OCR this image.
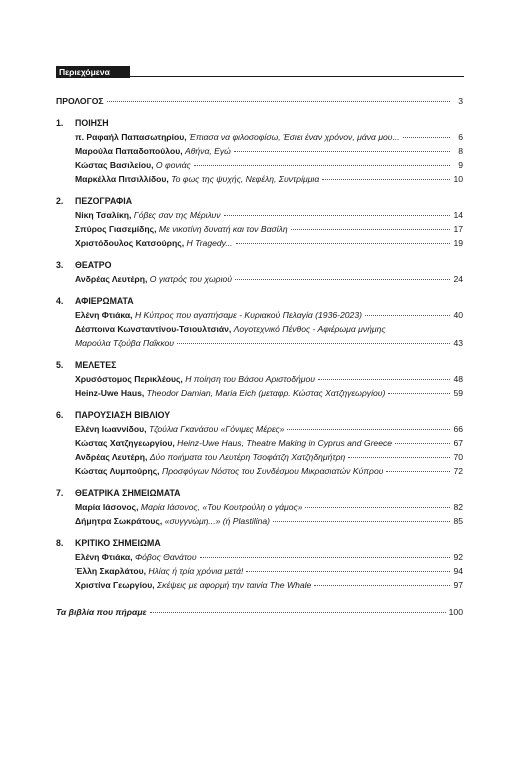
Περιεχόμενα
ΠΡΟΛΟΓΟΣ	3
1.	ΠΟΙΗΣΗ
π. Ραφαήλ Παπασωτηρίου, Έπιασα να φιλοσοφίσω, Έσιει έναν χρόνον, μάνα μου...	6
Μαρούλα Παπαδοπούλου, Αθήνα, Εγώ	8
Κώστας Βασιλείου, Ο φονιάς	9
Μαρκέλλα Πιτσιλλίδου, Το φως της ψυχής, Νεφέλη, Συντρίμμια	10
2.	ΠΕΖΟΓΡΑΦΙΑ
Νίκη Τσαλίκη, Γόβες σαν της Μέριλυν	14
Σπύρος Γιασεμίδης, Με νικοτίνη δυνατή και τον Βασίλη	17
Χριστόδουλος Κατσούρης, Η Tragedy...	19
3.	ΘΕΑΤΡΟ
Ανδρέας Λευτέρη, Ο γιατρός του χωριού	24
4.	ΑΦΙΕΡΩΜΑΤΑ
Ελένη Φτιάκα, Η Κύπρος που αγαπήσαμε - Κυριακού Πελαγία (1936-2023)	40
Δέσποινα Κωνσταντίνου-Τσιουλτσιάν, Λογοτεχνικό Πένθος - Αφιέρωμα μνήμης
Μαρούλα Τζούβα Παΐκκου	43
5.	ΜΕΛΕΤΕΣ
Χρυσόστομος Περικλέους, Η ποίηση του Βάσου Αριστοδήμου	48
Heinz-Uwe Haus, Theodor Damian, Maria Eich (μεταφρ. Κώστας Χατζηγεωργίου)	59
6.	ΠΑΡΟΥΣΙΑΣΗ ΒΙΒΛΙΟΥ
Ελένη Ιωαννίδου, Τζούλια Γκανάσου «Γόνιμες Μέρες»	66
Κώστας Χατζηγεωργίου, Heinz-Uwe Haus, Theatre Making in Cyprus and Greece	67
Ανδρέας Λευτέρη, Δύο ποιήματα του Λευτέρη Τσοφάτζη Χατζηδημήτρη	70
Κώστας Λυμπούρης, Προσφύγων Νόστος του Συνδέσμου Μικρασιατών Κύπρου	72
7.	ΘΕΑΤΡΙΚΑ ΣΗΜΕΙΩΜΑΤΑ
Μαρία Ιάσονος, Μαρία Ιάσονος, «Του Κουτρούλη ο γάμος»	82
Δήμητρα Σωκράτους, «συγγνώμη...» (ή Plastilina)	85
8.	ΚΡΙΤΙΚΟ ΣΗΜΕΙΩΜΑ
Ελένη Φτιάκα, Φόβος Θανάτου	92
Έλλη Σκαρλάτου, Ηλίας ή τρία χρόνια μετά!	94
Χριστίνα Γεωργίου, Σκέψεις με αφορμή την ταινία The Whale	97
Τα βιβλία που πήραμε	100
